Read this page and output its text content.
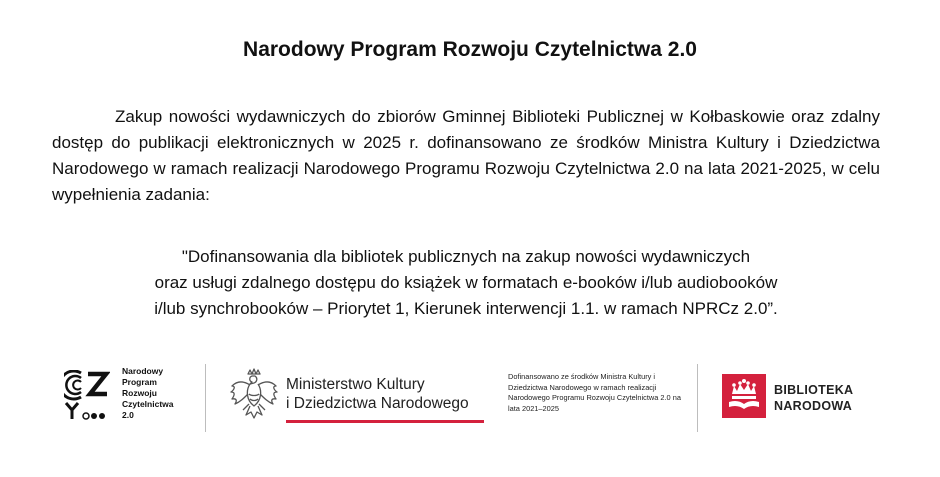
Narodowy Program Rozwoju Czytelnictwa 2.0
Zakup nowości wydawniczych do zbiorów Gminnej Biblioteki Publicznej w Kołbaskowie oraz zdalny dostęp do publikacji elektronicznych w 2025 r. dofinansowano ze środków Ministra Kultury i Dziedzictwa Narodowego w ramach realizacji Narodowego Programu Rozwoju Czytelnictwa 2.0 na lata 2021-2025, w celu wypełnienia zadania:
"Dofinansowania dla bibliotek publicznych na zakup nowości wydawniczych
oraz usługi zdalnego dostępu do książek w formatach e-booków i/lub audiobooków
i/lub synchrobooków – Priorytet 1, Kierunek interwencji 1.1. w ramach NPRCz 2.0”.
Narodowy
Program
Rozwoju
Czytelnictwa
2.0
Ministerstwo Kultury
i Dziedzictwa Narodowego
Dofinansowano ze środków Ministra Kultury i Dziedzictwa Narodowego w ramach realizacji Narodowego Programu Rozwoju Czytelnictwa 2.0 na lata 2021–2025
BIBLIOTEKA
NARODOWA
